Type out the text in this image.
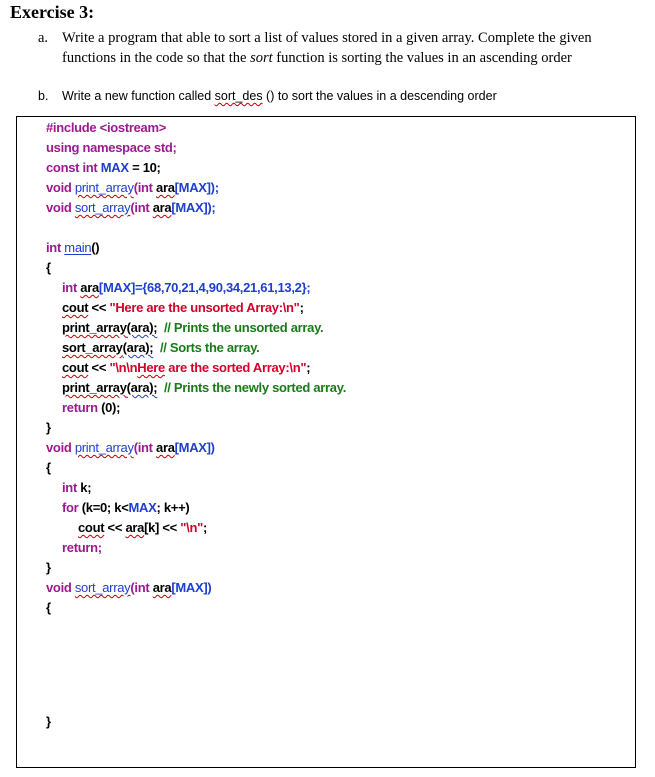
Exercise 3:
a. Write a program that able to sort a list of values stored in a given array. Complete the given functions in the code so that the sort function is sorting the values in an ascending order
b. Write a new function called sort_des () to sort the values in a descending order
#include <iostream>
using namespace std;
const int MAX = 10;
void print_array(int ara[MAX]);
void sort_array(int ara[MAX]);
int main()
{
int ara[MAX]={68,70,21,4,90,34,21,61,13,2};
cout << "Here are the unsorted Array:\n";
print_array(ara);  // Prints the unsorted array.
sort_array(ara);  // Sorts the array.
cout << "\n\nHere are the sorted Array:\n";
print_array(ara);  // Prints the newly sorted array.
return (0);
}
void print_array(int ara[MAX])
{
int k;
for (k=0; k<MAX; k++)
cout << ara[k] << "\n";
return;
}
void sort_array(int ara[MAX])
{
}
